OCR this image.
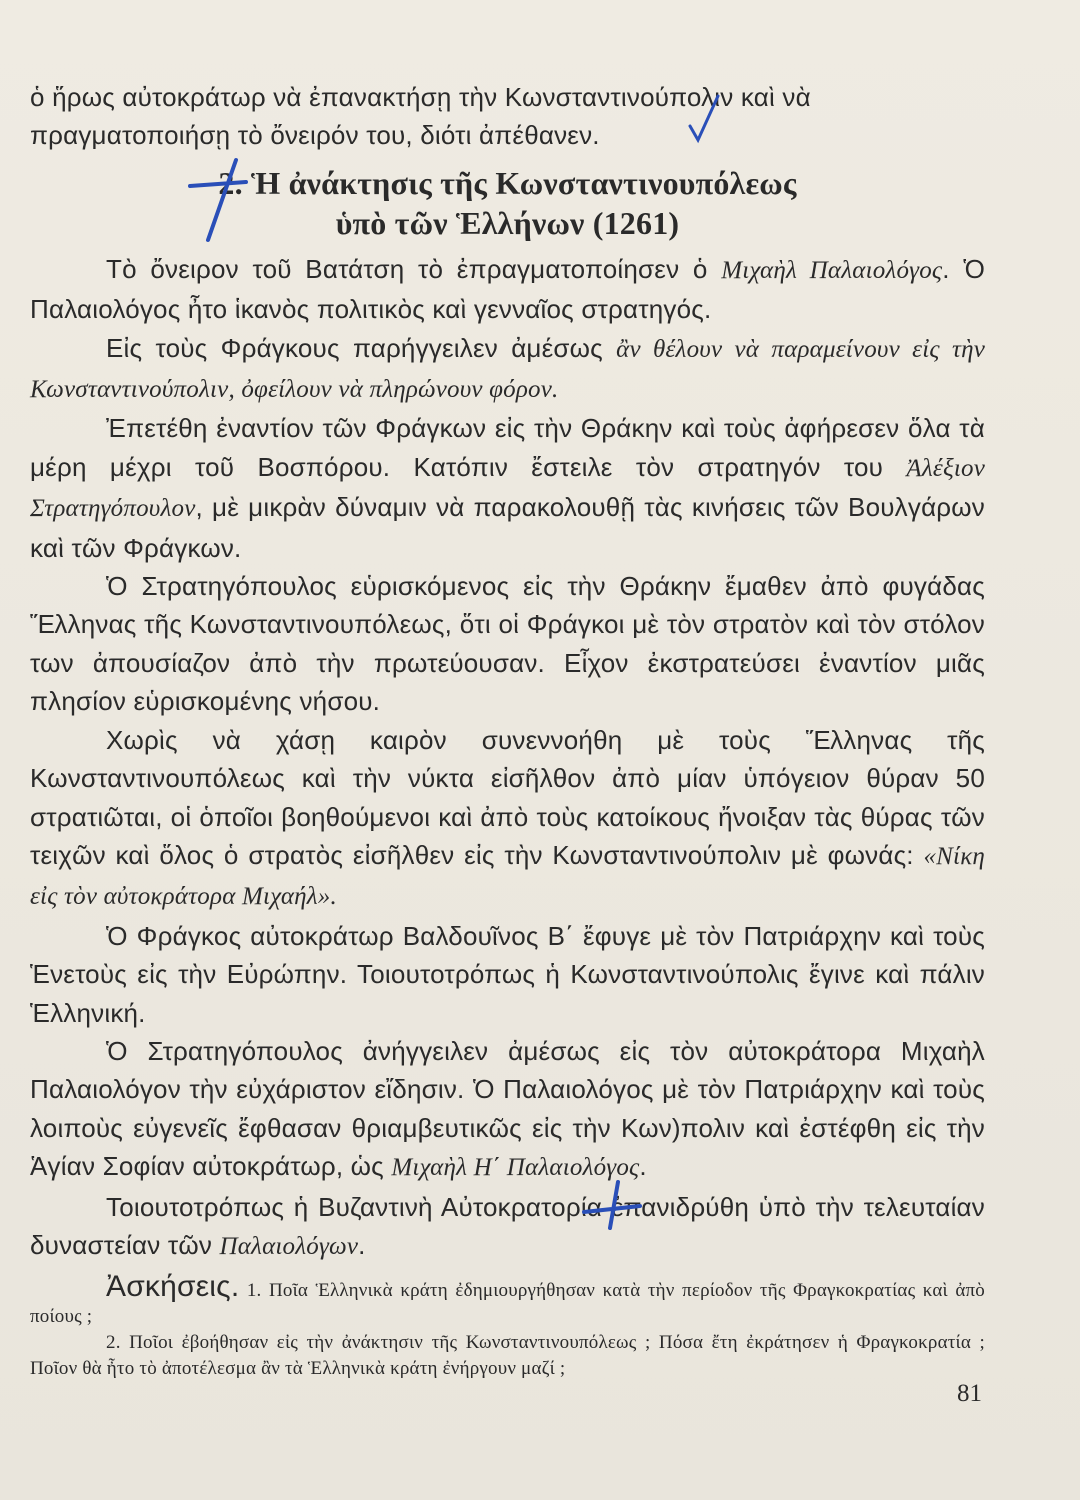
ὁ ἥρως αὐτοκράτωρ νὰ ἐπανακτήσῃ τὴν Κωνσταντινούπολιν καὶ νὰ

πραγματοποιήσῃ τὸ ὄνειρόν του, διότι ἀπέθανεν.

2. Ἡ ἀνάκτησις τῆς Κωνσταντινουπόλεως
ὑπὸ τῶν Ἑλλήνων (1261)

Τὸ ὄνειρον τοῦ Βατάτση τὸ ἐπραγματοποίησεν ὁ Μιχαὴλ Παλαιολόγος. Ὁ Παλαιολόγος ἦτο ἱκανὸς πολιτικὸς καὶ γενναῖος στρατηγός.

Εἰς τοὺς Φράγκους παρήγγειλεν ἀμέσως ἂν θέλουν νὰ παραμείνουν εἰς τὴν Κωνσταντινούπολιν, ὀφείλουν νὰ πληρώνουν φόρον.

Ἐπετέθη ἐναντίον τῶν Φράγκων εἰς τὴν Θράκην καὶ τοὺς ἀφήρεσεν ὅλα τὰ μέρη μέχρι τοῦ Βοσπόρου. Κατόπιν ἔστειλε τὸν στρατηγόν του Ἀλέξιον Στρατηγόπουλον, μὲ μικρὰν δύναμιν νὰ παρακολουθῇ τὰς κινήσεις τῶν Βουλγάρων καὶ τῶν Φράγκων.

Ὁ Στρατηγόπουλος εὑρισκόμενος εἰς τὴν Θράκην ἔμαθεν ἀπὸ φυγάδας Ἕλληνας τῆς Κωνσταντινουπόλεως, ὅτι οἱ Φράγκοι μὲ τὸν στρατὸν καὶ τὸν στόλον των ἀπουσίαζον ἀπὸ τὴν πρωτεύουσαν. Εἶχον ἐκστρατεύσει ἐναντίον μιᾶς πλησίον εὑρισκομένης νήσου.

Χωρὶς νὰ χάσῃ καιρὸν συνεννοήθη μὲ τοὺς Ἕλληνας τῆς Κωνσταντινουπόλεως καὶ τὴν νύκτα εἰσῆλθον ἀπὸ μίαν ὑπόγειον θύραν 50 στρατιῶται, οἱ ὁποῖοι βοηθούμενοι καὶ ἀπὸ τοὺς κατοίκους ἤνοιξαν τὰς θύρας τῶν τειχῶν καὶ ὅλος ὁ στρατὸς εἰσῆλθεν εἰς τὴν Κωνσταντινούπολιν μὲ φωνάς: «Νίκη εἰς τὸν αὐτοκράτορα Μιχαήλ».

Ὁ Φράγκος αὐτοκράτωρ Βαλδουῖνος Β΄ ἔφυγε μὲ τὸν Πατριάρχην καὶ τοὺς Ἑνετοὺς εἰς τὴν Εὐρώπην. Τοιουτοτρόπως ἡ Κωνσταντινούπολις ἔγινε καὶ πάλιν Ἑλληνική.

Ὁ Στρατηγόπουλος ἀνήγγειλεν ἀμέσως εἰς τὸν αὐτοκράτορα Μιχαὴλ Παλαιολόγον τὴν εὐχάριστον εἴδησιν. Ὁ Παλαιολόγος μὲ τὸν Πατριάρχην καὶ τοὺς λοιποὺς εὐγενεῖς ἔφθασαν θριαμβευτικῶς εἰς τὴν Κων)πολιν καὶ ἐστέφθη εἰς τὴν Ἁγίαν Σοφίαν αὐτοκράτωρ, ὡς Μιχαὴλ Η΄ Παλαιολόγος.

Τοιουτοτρόπως ἡ Βυζαντινὴ Αὐτοκρατορία ἐπανιδρύθη ὑπὸ τὴν τελευταίαν δυναστείαν τῶν Παλαιολόγων.

Ἀσκήσεις. 1. Ποῖα Ἑλληνικὰ κράτη ἐδημιουργήθησαν κατὰ τὴν περίοδον τῆς Φραγκοκρατίας καὶ ἀπὸ ποίους ;

2. Ποῖοι ἐβοήθησαν εἰς τὴν ἀνάκτησιν τῆς Κωνσταντινουπόλεως ; Πόσα ἔτη ἐκράτησεν ἡ Φραγκοκρατία ; Ποῖον θὰ ἦτο τὸ ἀποτέλεσμα ἂν τὰ Ἑλληνικὰ κράτη ἐνήργουν μαζί ;

81
